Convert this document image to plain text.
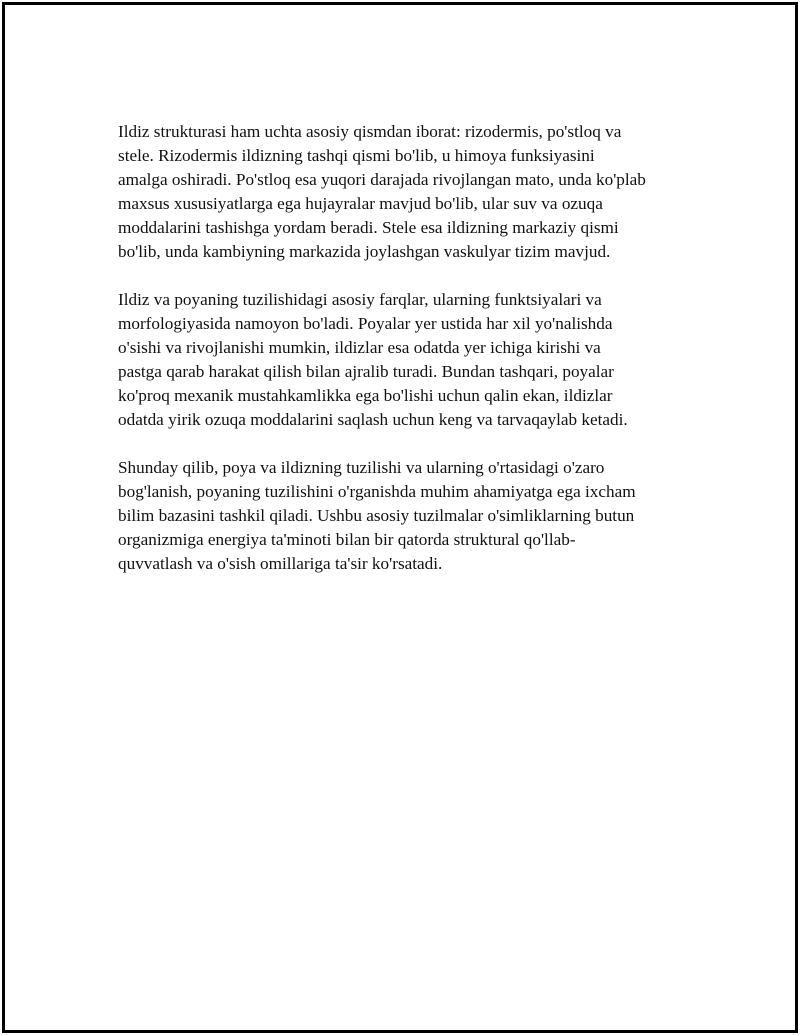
Ildiz strukturasi ham uchta asosiy qismdan iborat: rizodermis, po'stloq va
stele. Rizodermis ildizning tashqi qismi bo'lib, u himoya funksiyasini
amalga oshiradi. Po'stloq esa yuqori darajada rivojlangan mato, unda ko'plab
maxsus xususiyatlarga ega hujayralar mavjud bo'lib, ular suv va ozuqa
moddalarini tashishga yordam beradi. Stele esa ildizning markaziy qismi
bo'lib, unda kambiyning markazida joylashgan vaskulyar tizim mavjud.

Ildiz va poyaning tuzilishidagi asosiy farqlar, ularning funktsiyalari va
morfologiyasida namoyon bo'ladi. Poyalar yer ustida har xil yo'nalishda
o'sishi va rivojlanishi mumkin, ildizlar esa odatda yer ichiga kirishi va
pastga qarab harakat qilish bilan ajralib turadi. Bundan tashqari, poyalar
ko'proq mexanik mustahkamlikka ega bo'lishi uchun qalin ekan, ildizlar
odatda yirik ozuqa moddalarini saqlash uchun keng va tarvaqaylab ketadi.

Shunday qilib, poya va ildizning tuzilishi va ularning o'rtasidagi o'zaro
bog'lanish, poyaning tuzilishini o'rganishda muhim ahamiyatga ega ixcham
bilim bazasini tashkil qiladi. Ushbu asosiy tuzilmalar o'simliklarning butun
organizmiga energiya ta'minoti bilan bir qatorda struktural qo'llab-
quvvatlash va o'sish omillariga ta'sir ko'rsatadi.
